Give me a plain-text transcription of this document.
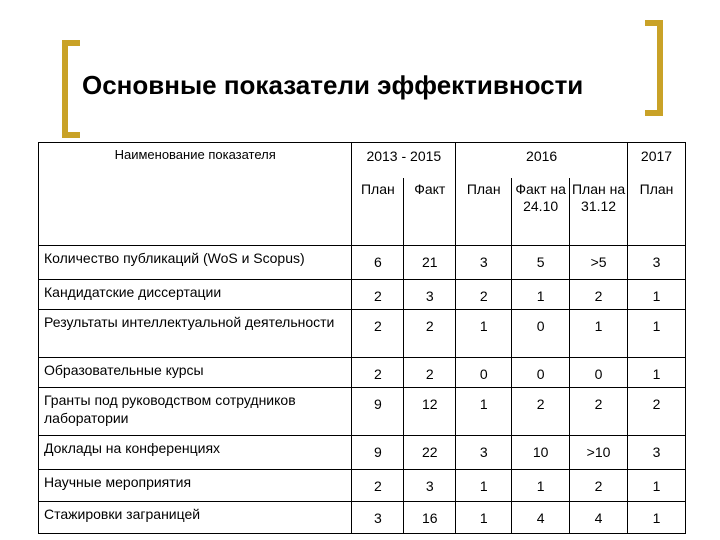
Основные показатели эффективности
Наименование показателя	2013 - 2015		2016			2017
	План	Факт	План	Факт на 24.10	План на 31.12	План
Количество публикаций (WoS и Scopus)	6	21	3	5	>5	3
Кандидатские диссертации	2	3	2	1	2	1
Результаты интеллектуальной деятельности	2	2	1	0	1	1
Образовательные курсы	2	2	0	0	0	1
Гранты под руководством сотрудников лаборатории	9	12	1	2	2	2
Доклады на конференциях	9	22	3	10	>10	3
Научные мероприятия	2	3	1	1	2	1
Стажировки заграницей	3	16	1	4	4	1
